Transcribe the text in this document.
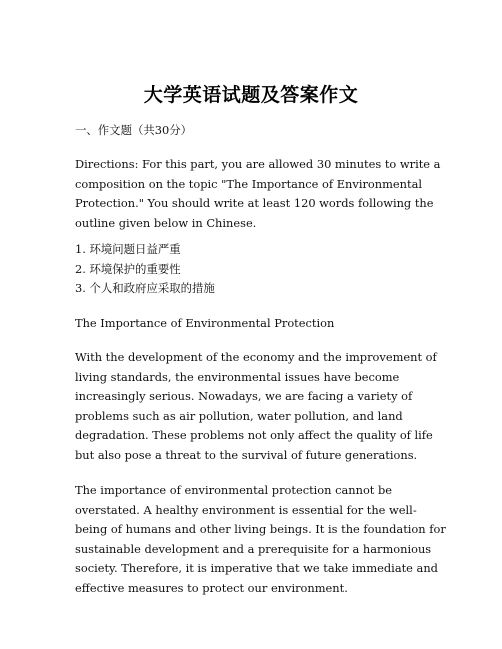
大学英语试题及答案作文

一、作文题（共30分）

Directions: For this part, you are allowed 30 minutes to write a composition on the topic "The Importance of Environmental Protection." You should write at least 120 words following the outline given below in Chinese.

1. 环境问题日益严重
2. 环境保护的重要性
3. 个人和政府应采取的措施

The Importance of Environmental Protection

With the development of the economy and the improvement of living standards, the environmental issues have become increasingly serious. Nowadays, we are facing a variety of problems such as air pollution, water pollution, and land degradation. These problems not only affect the quality of life but also pose a threat to the survival of future generations.

The importance of environmental protection cannot be overstated. A healthy environment is essential for the well-being of humans and other living beings. It is the foundation for sustainable development and a prerequisite for a harmonious society. Therefore, it is imperative that we take immediate and effective measures to protect our environment.
